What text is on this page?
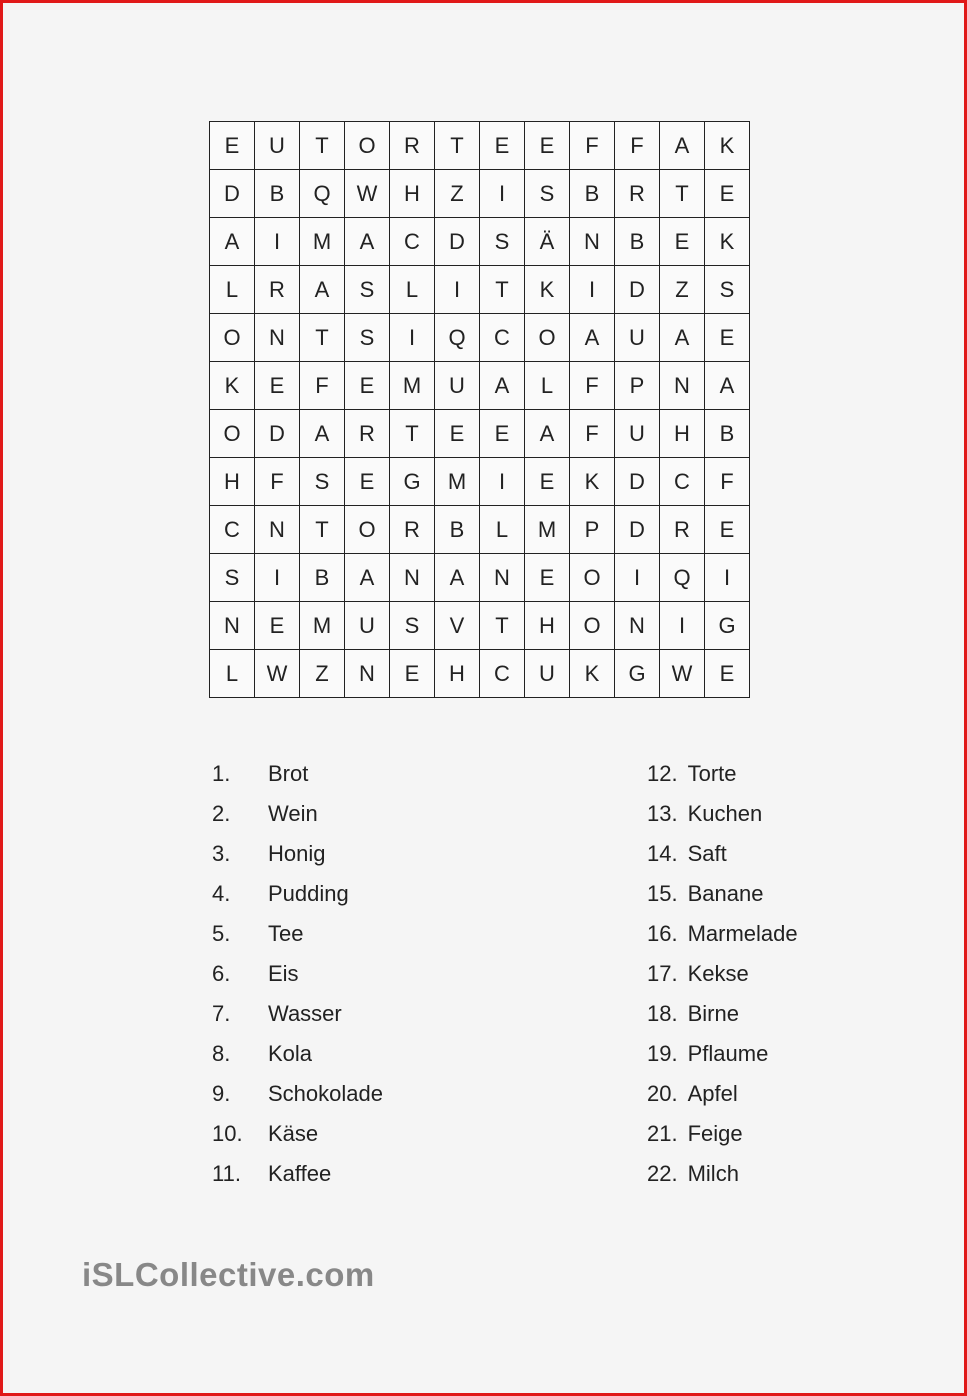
E	U	T	O	R	T	E	E	F	F	A	K
D	B	Q	W	H	Z	I	S	B	R	T	E
A	I	M	A	C	D	S	Ä	N	B	E	K
L	R	A	S	L	I	T	K	I	D	Z	S
O	N	T	S	I	Q	C	O	A	U	A	E
K	E	F	E	M	U	A	L	F	P	N	A
O	D	A	R	T	E	E	A	F	U	H	B
H	F	S	E	G	M	I	E	K	D	C	F
C	N	T	O	R	B	L	M	P	D	R	E
S	I	B	A	N	A	N	E	O	I	Q	I
N	E	M	U	S	V	T	H	O	N	I	G
L	W	Z	N	E	H	C	U	K	G	W	E
1. Brot
2. Wein
3. Honig
4. Pudding
5. Tee
6. Eis
7. Wasser
8. Kola
9. Schokolade
10. Käse
11. Kaffee
12. Torte
13. Kuchen
14. Saft
15. Banane
16. Marmelade
17. Kekse
18. Birne
19. Pflaume
20. Apfel
21. Feige
22. Milch
iSLCollective.com
